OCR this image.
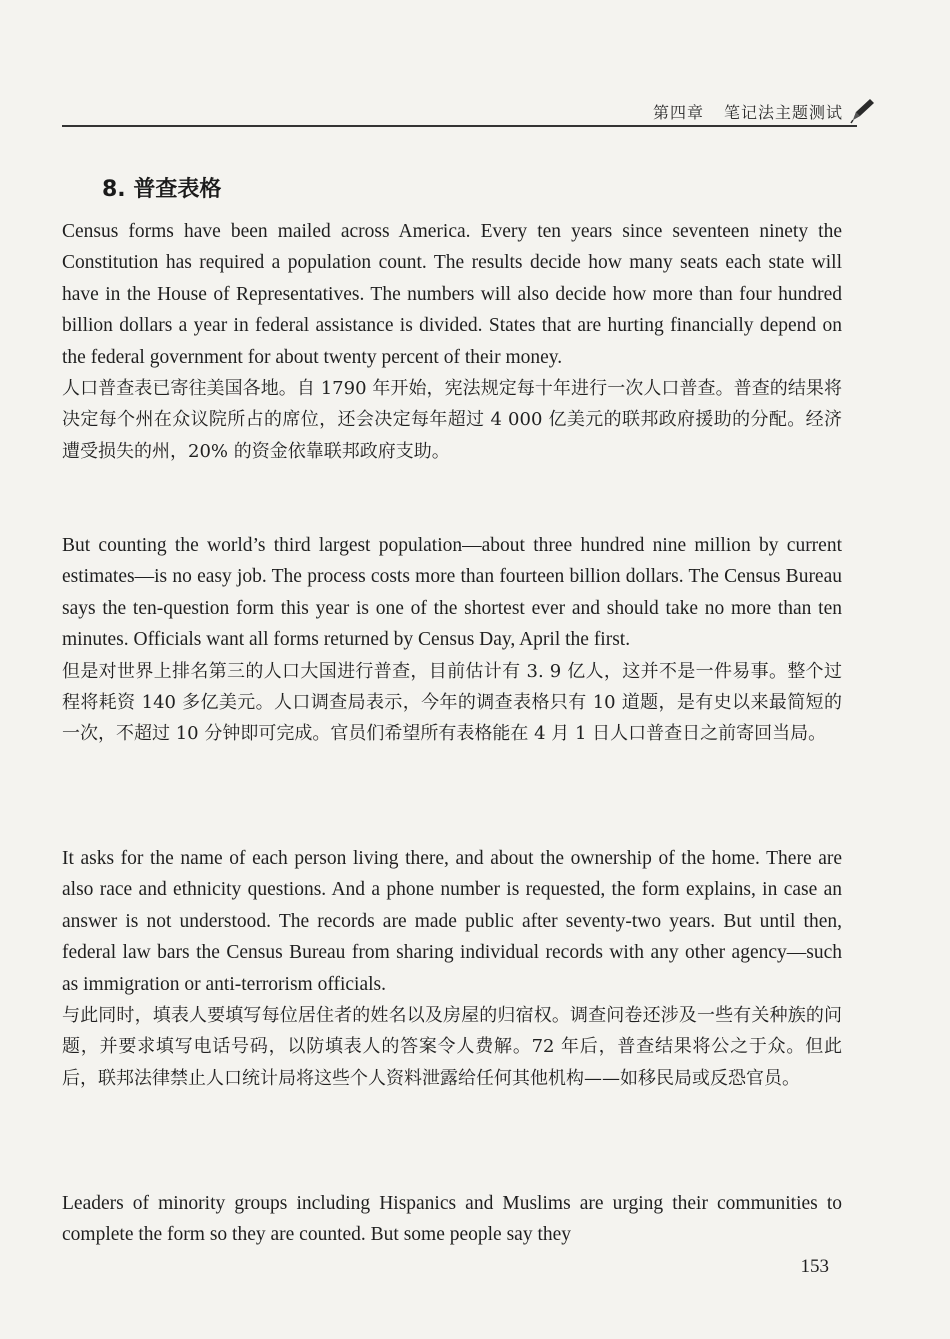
第四章 笔记法主题测试
8. 普查表格

Census forms have been mailed across America. Every ten years since seventeen ninety the Constitution has required a population count. The results decide how many seats each state will have in the House of Representatives. The numbers will also decide how more than four hundred billion dollars a year in federal assistance is divided. States that are hurting financially depend on the federal government for about twenty percent of their money.

人口普查表已寄往美国各地。自 1790 年开始，宪法规定每十年进行一次人口普查。普查的结果将决定每个州在众议院所占的席位，还会决定每年超过 4 000 亿美元的联邦政府援助的分配。经济遭受损失的州，20% 的资金依靠联邦政府支助。

But counting the world’s third largest population—about three hundred nine million by current estimates—is no easy job. The process costs more than fourteen billion dollars. The Census Bureau says the ten-question form this year is one of the shortest ever and should take no more than ten minutes. Officials want all forms returned by Census Day, April the first.

但是对世界上排名第三的人口大国进行普查，目前估计有 3. 9 亿人，这并不是一件易事。整个过程将耗资 140 多亿美元。人口调查局表示，今年的调查表格只有 10 道题，是有史以来最简短的一次，不超过 10 分钟即可完成。官员们希望所有表格能在 4 月 1 日人口普查日之前寄回当局。

It asks for the name of each person living there, and about the ownership of the home. There are also race and ethnicity questions. And a phone number is requested, the form explains, in case an answer is not understood. The records are made public after seventy-two years. But until then, federal law bars the Census Bureau from sharing individual records with any other agency—such as immigration or anti-terrorism officials.

与此同时，填表人要填写每位居住者的姓名以及房屋的归宿权。调查问卷还涉及一些有关种族的问题，并要求填写电话号码，以防填表人的答案令人费解。72 年后，普查结果将公之于众。但此后，联邦法律禁止人口统计局将这些个人资料泄露给任何其他机构——如移民局或反恐官员。

Leaders of minority groups including Hispanics and Muslims are urging their communities to complete the form so they are counted. But some people say they

153
